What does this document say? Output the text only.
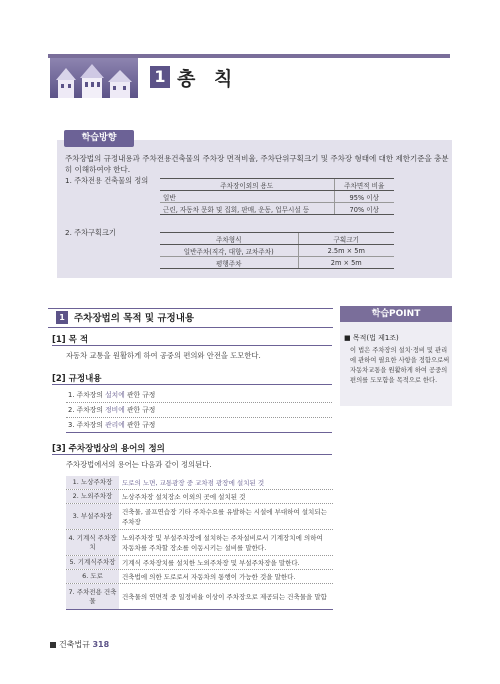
1 총 칙
학습방향
주차장법의 규정내용과 주차전용건축물의 주차장 면적비율, 주차단위구획크기 및 주차장 형태에 대한 제한기준을 충분히 이해하여야 한다.
1. 주차전용 건축물의 정의
주차장이외의 용도	주차면적 비율
일반	95% 이상
근린, 자동차 문화 및 집회, 판매, 운동, 업무시설 등	70% 이상
2. 주차구획크기
주차형식	구획크기
일반주차(직각, 대향, 교차주차)	2.5m × 5m
평행주차	2m × 5m
1 주차장법의 목적 및 규정내용
[1] 목 적
자동차 교통을 원활하게 하여 공중의 편의와 안전을 도모한다.
[2] 규정내용
1. 주차장의 설치에 관한 규정
2. 주차장의 정비에 관한 규정
3. 주차장의 관리에 관한 규정
[3] 주차장법상의 용어의 정의
주차장법에서의 용어는 다음과 같이 정의된다.
1. 노상주차장	도로의 노면, 교통광장 중 교차점 광장에 설치된 것
2. 노외주차장	노상주차장 설치장소 이외의 곳에 설치된 것
3. 부설주차장
건축물, 골프연습장 기타 주차수요를 유발하는 시설에 부대하여 설치되는 주차장
4. 기계식 주차장치
노외주차장 및 부설주차장에 설치하는 주차설비로서 기계장치에 의하여 자동차를 주차할 장소를 이동시키는 설비를 말한다.
5. 기계식주차장	기계식 주차장치를 설치한 노외주차장 및 부설주차장을 말한다.
6. 도로	건축법에 의한 도로로서 자동차의 통행이 가능한 것을 말한다.
7. 주차전용 건축물	건축물의 연면적 중 일정비율 이상이 주차장으로 제공되는 건축물을 말함
학습POINT
■ 목적(법 제1조)
이 법은 주차장의 설치·정비 및 관리에 관하여 필요한 사항을 정함으로써 자동차교통을 원활하게 하여 공중의 편의를 도모함을 목적으로 한다.
건축법규 318
